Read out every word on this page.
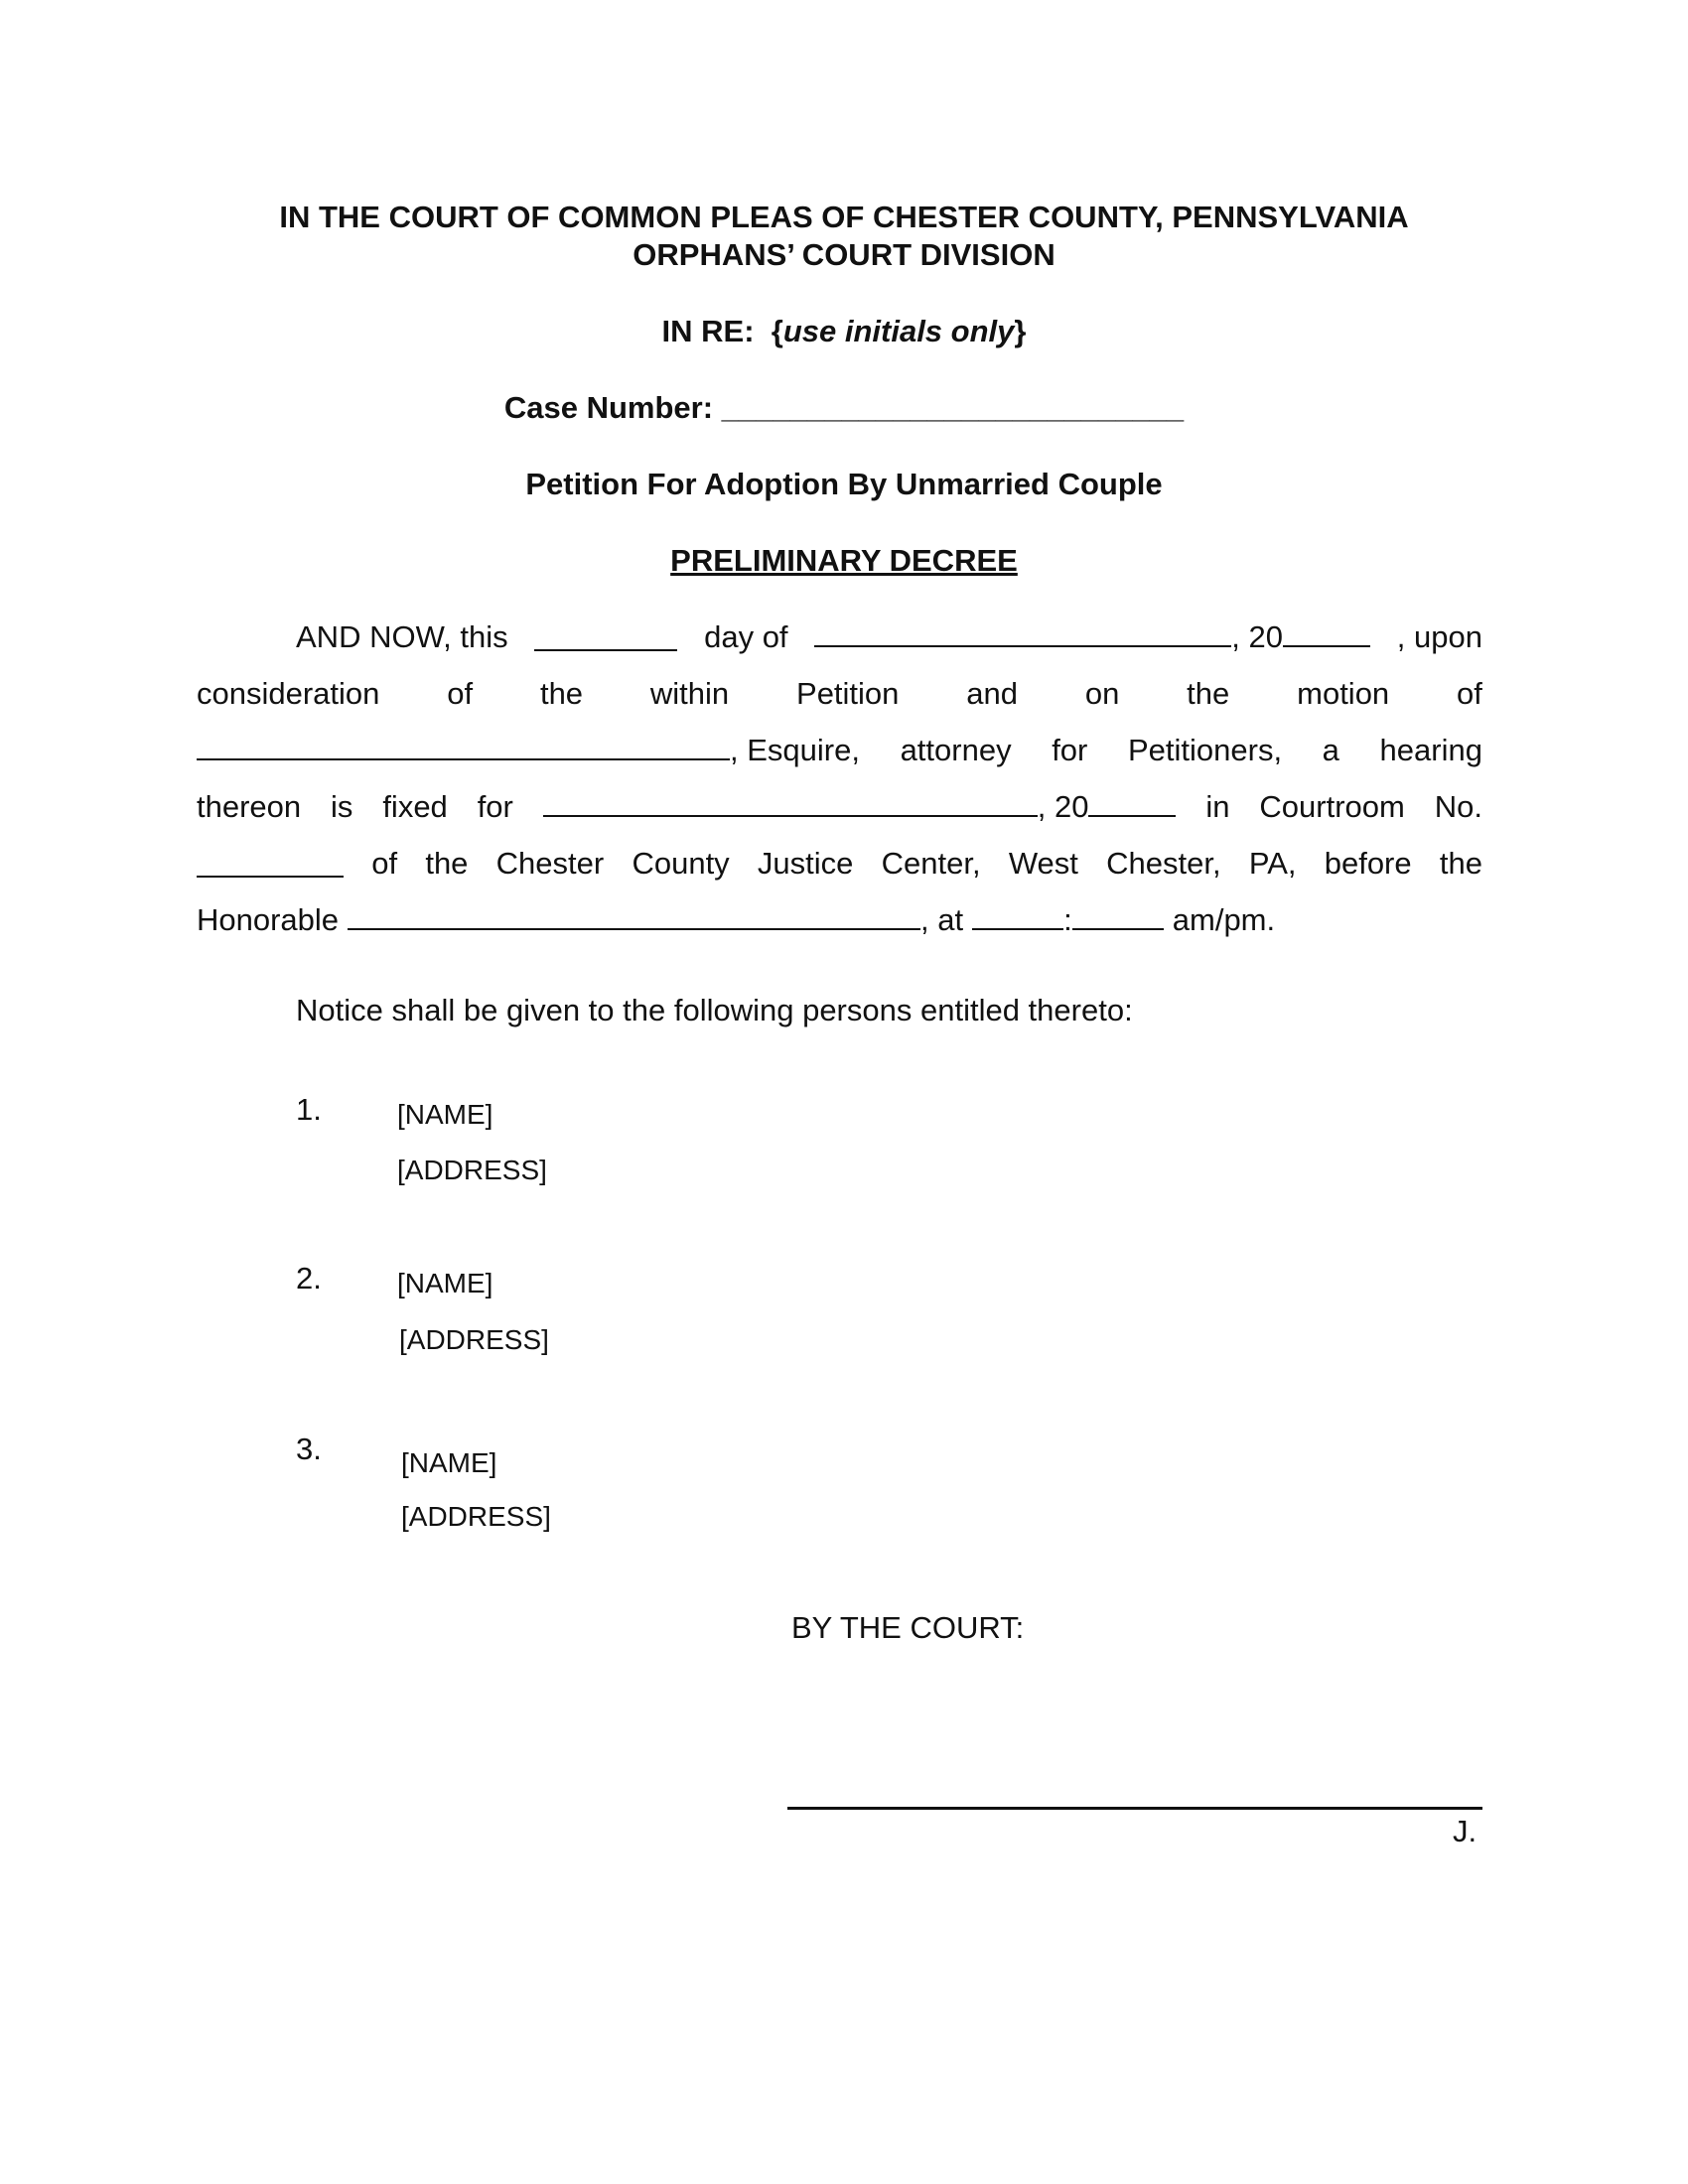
IN THE COURT OF COMMON PLEAS OF CHESTER COUNTY, PENNSYLVANIA
ORPHANS’ COURT DIVISION
IN RE: {use initials only}
Case Number: ___________________________
Petition For Adoption By Unmarried Couple
PRELIMINARY DECREE
AND NOW, this	day of	, 20	, upon
consideration of the within Petition and on the motion of
, Esquire, attorney for Petitioners, a hearing
thereon is fixed for	, 20	in Courtroom No.
of the Chester County Justice Center, West Chester, PA, before the
Honorable	, at	:	am/pm.
Notice shall be given to the following persons entitled thereto:
1.	[NAME]
[ADDRESS]
2.	[NAME]
[ADDRESS]
3.	[NAME]
[ADDRESS]
BY THE COURT:
J.
